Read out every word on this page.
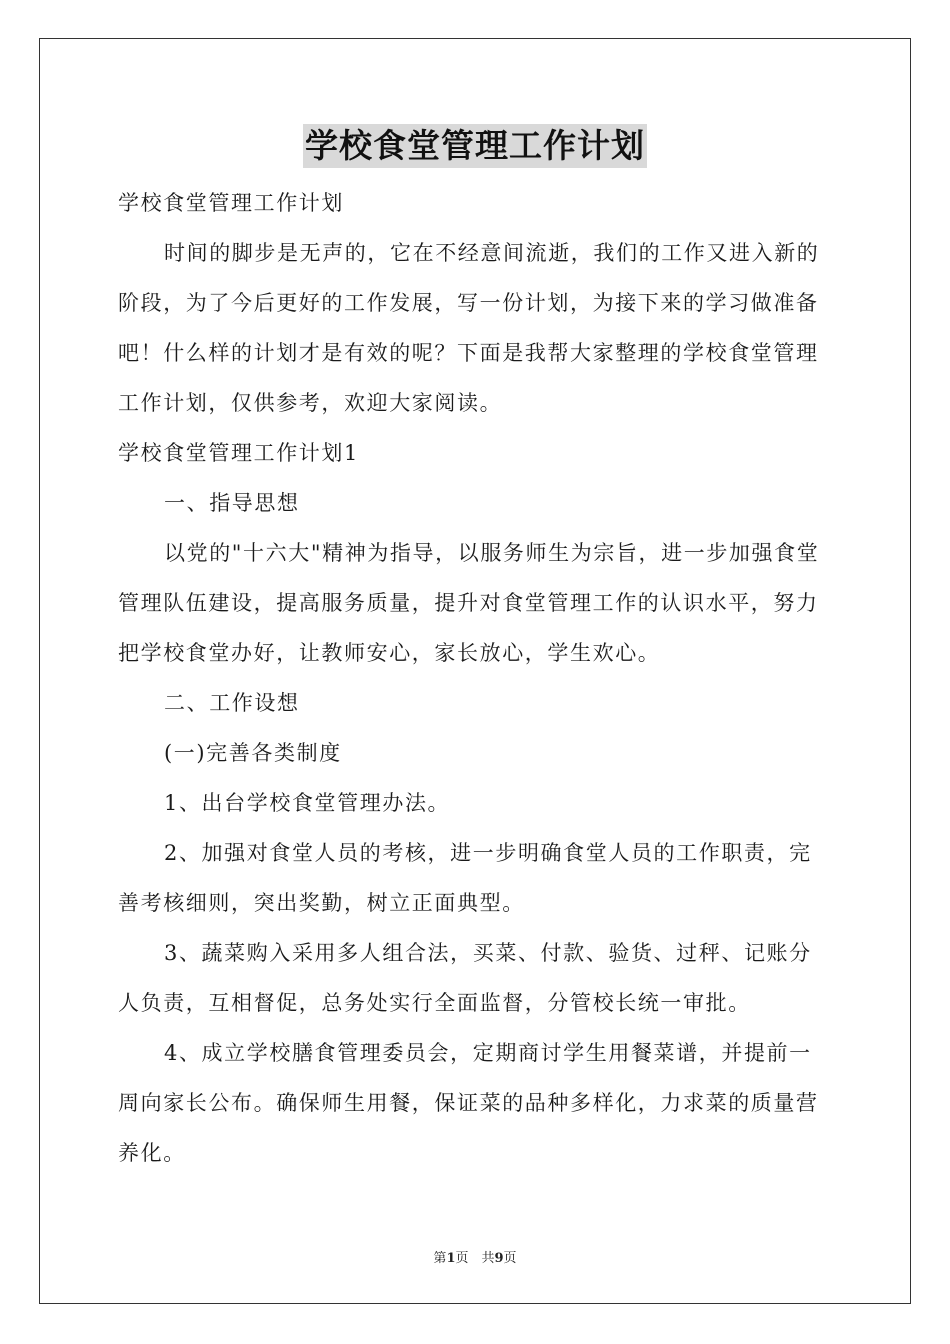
学校食堂管理工作计划

学校食堂管理工作计划

时间的脚步是无声的，它在不经意间流逝，我们的工作又进入新的阶段，为了今后更好的工作发展，写一份计划，为接下来的学习做准备吧！什么样的计划才是有效的呢？下面是我帮大家整理的学校食堂管理工作计划，仅供参考，欢迎大家阅读。

学校食堂管理工作计划1

一、指导思想

以党的"十六大"精神为指导，以服务师生为宗旨，进一步加强食堂管理队伍建设，提高服务质量，提升对食堂管理工作的认识水平，努力把学校食堂办好，让教师安心，家长放心，学生欢心。

二、工作设想

(一)完善各类制度

1、出台学校食堂管理办法。

2、加强对食堂人员的考核，进一步明确食堂人员的工作职责，完善考核细则，突出奖勤，树立正面典型。

3、蔬菜购入采用多人组合法，买菜、付款、验货、过秤、记账分人负责，互相督促，总务处实行全面监督，分管校长统一审批。

4、成立学校膳食管理委员会，定期商讨学生用餐菜谱，并提前一周向家长公布。确保师生用餐，保证菜的品种多样化，力求菜的质量营养化。

第1页　共9页
